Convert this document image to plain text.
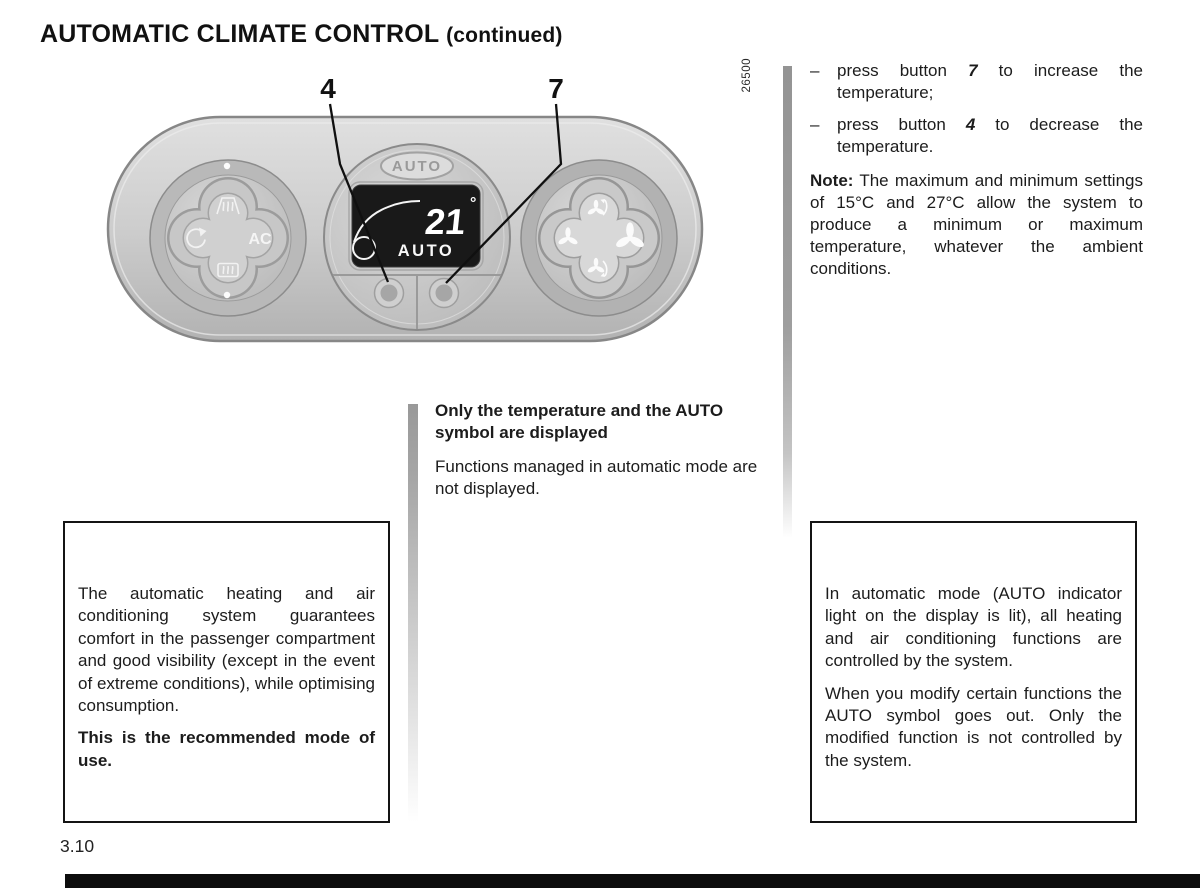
AUTOMATIC CLIMATE CONTROL (continued)
AC
AUTO
21 °
AUTO
4	7	26500	–	press button 7 to increase the temperature;
–	press button 4 to decrease the temperature.

Note: The maximum and minimum settings of 15°C and 27°C allow the system to produce a minimum or maximum temperature, whatever the ambient conditions.

Only the temperature and the AUTO symbol are displayed

Functions managed in automatic mode are not displayed.

The automatic heating and air conditioning system guarantees comfort in the passenger compartment and good visibility (except in the event of extreme conditions), while optimising consumption.

This is the recommended mode of use.

In automatic mode (AUTO indicator light on the display is lit), all heating and air conditioning functions are controlled by the system.

When you modify certain functions the AUTO symbol goes out. Only the modified function is not controlled by the system.

3.10
